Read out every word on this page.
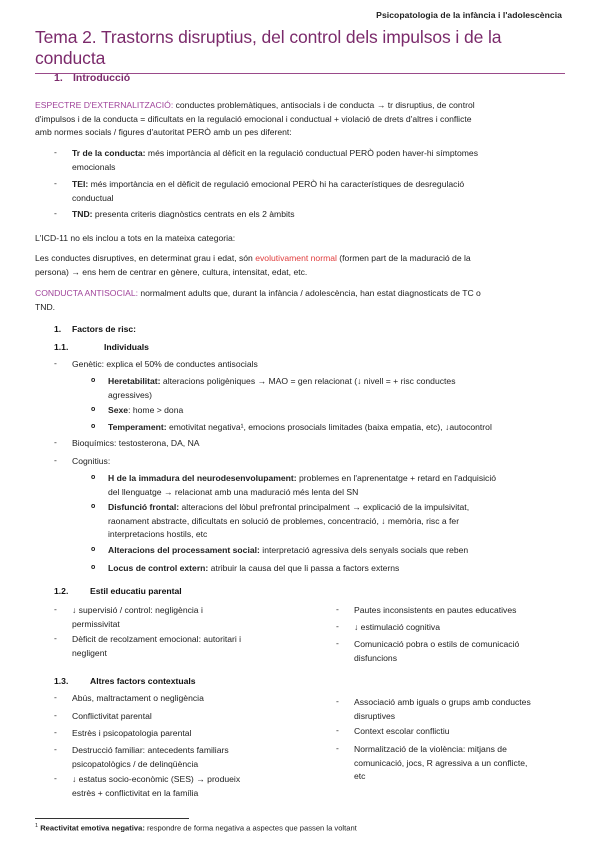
Psicopatologia de la infància i l'adolescència
Tema 2. Trastorns disruptius, del control dels impulsos i de la conducta
1. Introducció
ESPECTRE D'EXTERNALITZACIÓ: conductes problemàtiques, antisocials i de conducta → tr disruptius, de control
d'impulsos i de la conducta = dificultats en la regulació emocional i conductual + violació de drets d'altres i conflicte
amb normes socials / figures d'autoritat PERÒ amb un pes diferent:
- Tr de la conducta: més importància al dèficit en la regulació conductual PERÒ poden haver-hi símptomes
emocionals
- TEI: més importància en el dèficit de regulació emocional PERÒ hi ha característiques de desregulació
conductual
- TND: presenta criteris diagnòstics centrats en els 2 àmbits
L'ICD-11 no els inclou a tots en la mateixa categoria:
Les conductes disruptives, en determinat grau i edat, són evolutivament normal (formen part de la maduració de la
persona) → ens hem de centrar en gènere, cultura, intensitat, edat, etc.
CONDUCTA ANTISOCIAL: normalment adults que, durant la infància / adolescència, han estat diagnosticats de TC o
TND.
1. Factors de risc:
1.1.	Individuals
- Genètic: explica el 50% de conductes antisocials
o Heretabilitat: alteracions poligèniques → MAO = gen relacionat (↓ nivell = + risc conductes
agressives)
o Sexe: home > dona
o Temperament: emotivitat negativa¹, emocions prosocials limitades (baixa empatia, etc), ↓autocontrol
- Bioquímics: testosterona, DA, NA
- Cognitius:
o H de la immadura del neurodesenvolupament: problemes en l'aprenentatge + retard en l'adquisició
del llenguatge → relacionat amb una maduració més lenta del SN
o Disfunció frontal: alteracions del lòbul prefrontal principalment → explicació de la impulsivitat,
raonament abstracte, dificultats en solució de problemes, concentració, ↓ memòria, risc a fer
interpretacions hostils, etc
o Alteracions del processament social: interpretació agressiva dels senyals socials que reben
o Locus de control extern: atribuir la causa del que li passa a factors externs
1.2.	Estil educatiu parental
- ↓ supervisió / control: negligència i
permissivitat
- Dèficit de recolzament emocional: autoritari i
negligent
- Pautes inconsistents en pautes educatives
- ↓ estimulació cognitiva
- Comunicació pobra o estils de comunicació
disfuncions
1.3.	Altres factors contextuals
- Abús, maltractament o negligència
- Conflictivitat parental
- Estrès i psicopatologia parental
- Destrucció familiar: antecedents familiars
psicopatològics / de delinqüència
- ↓ estatus socio-econòmic (SES) → produeix
estrès + conflictivitat en la família
- Associació amb iguals o grups amb conductes
disruptives
- Context escolar conflictiu
- Normalització de la violència: mitjans de
comunicació, jocs, R agressiva a un conflicte,
etc
$^1$ Reactivitat emotiva negativa: respondre de forma negativa a aspectes que passen la voltant
